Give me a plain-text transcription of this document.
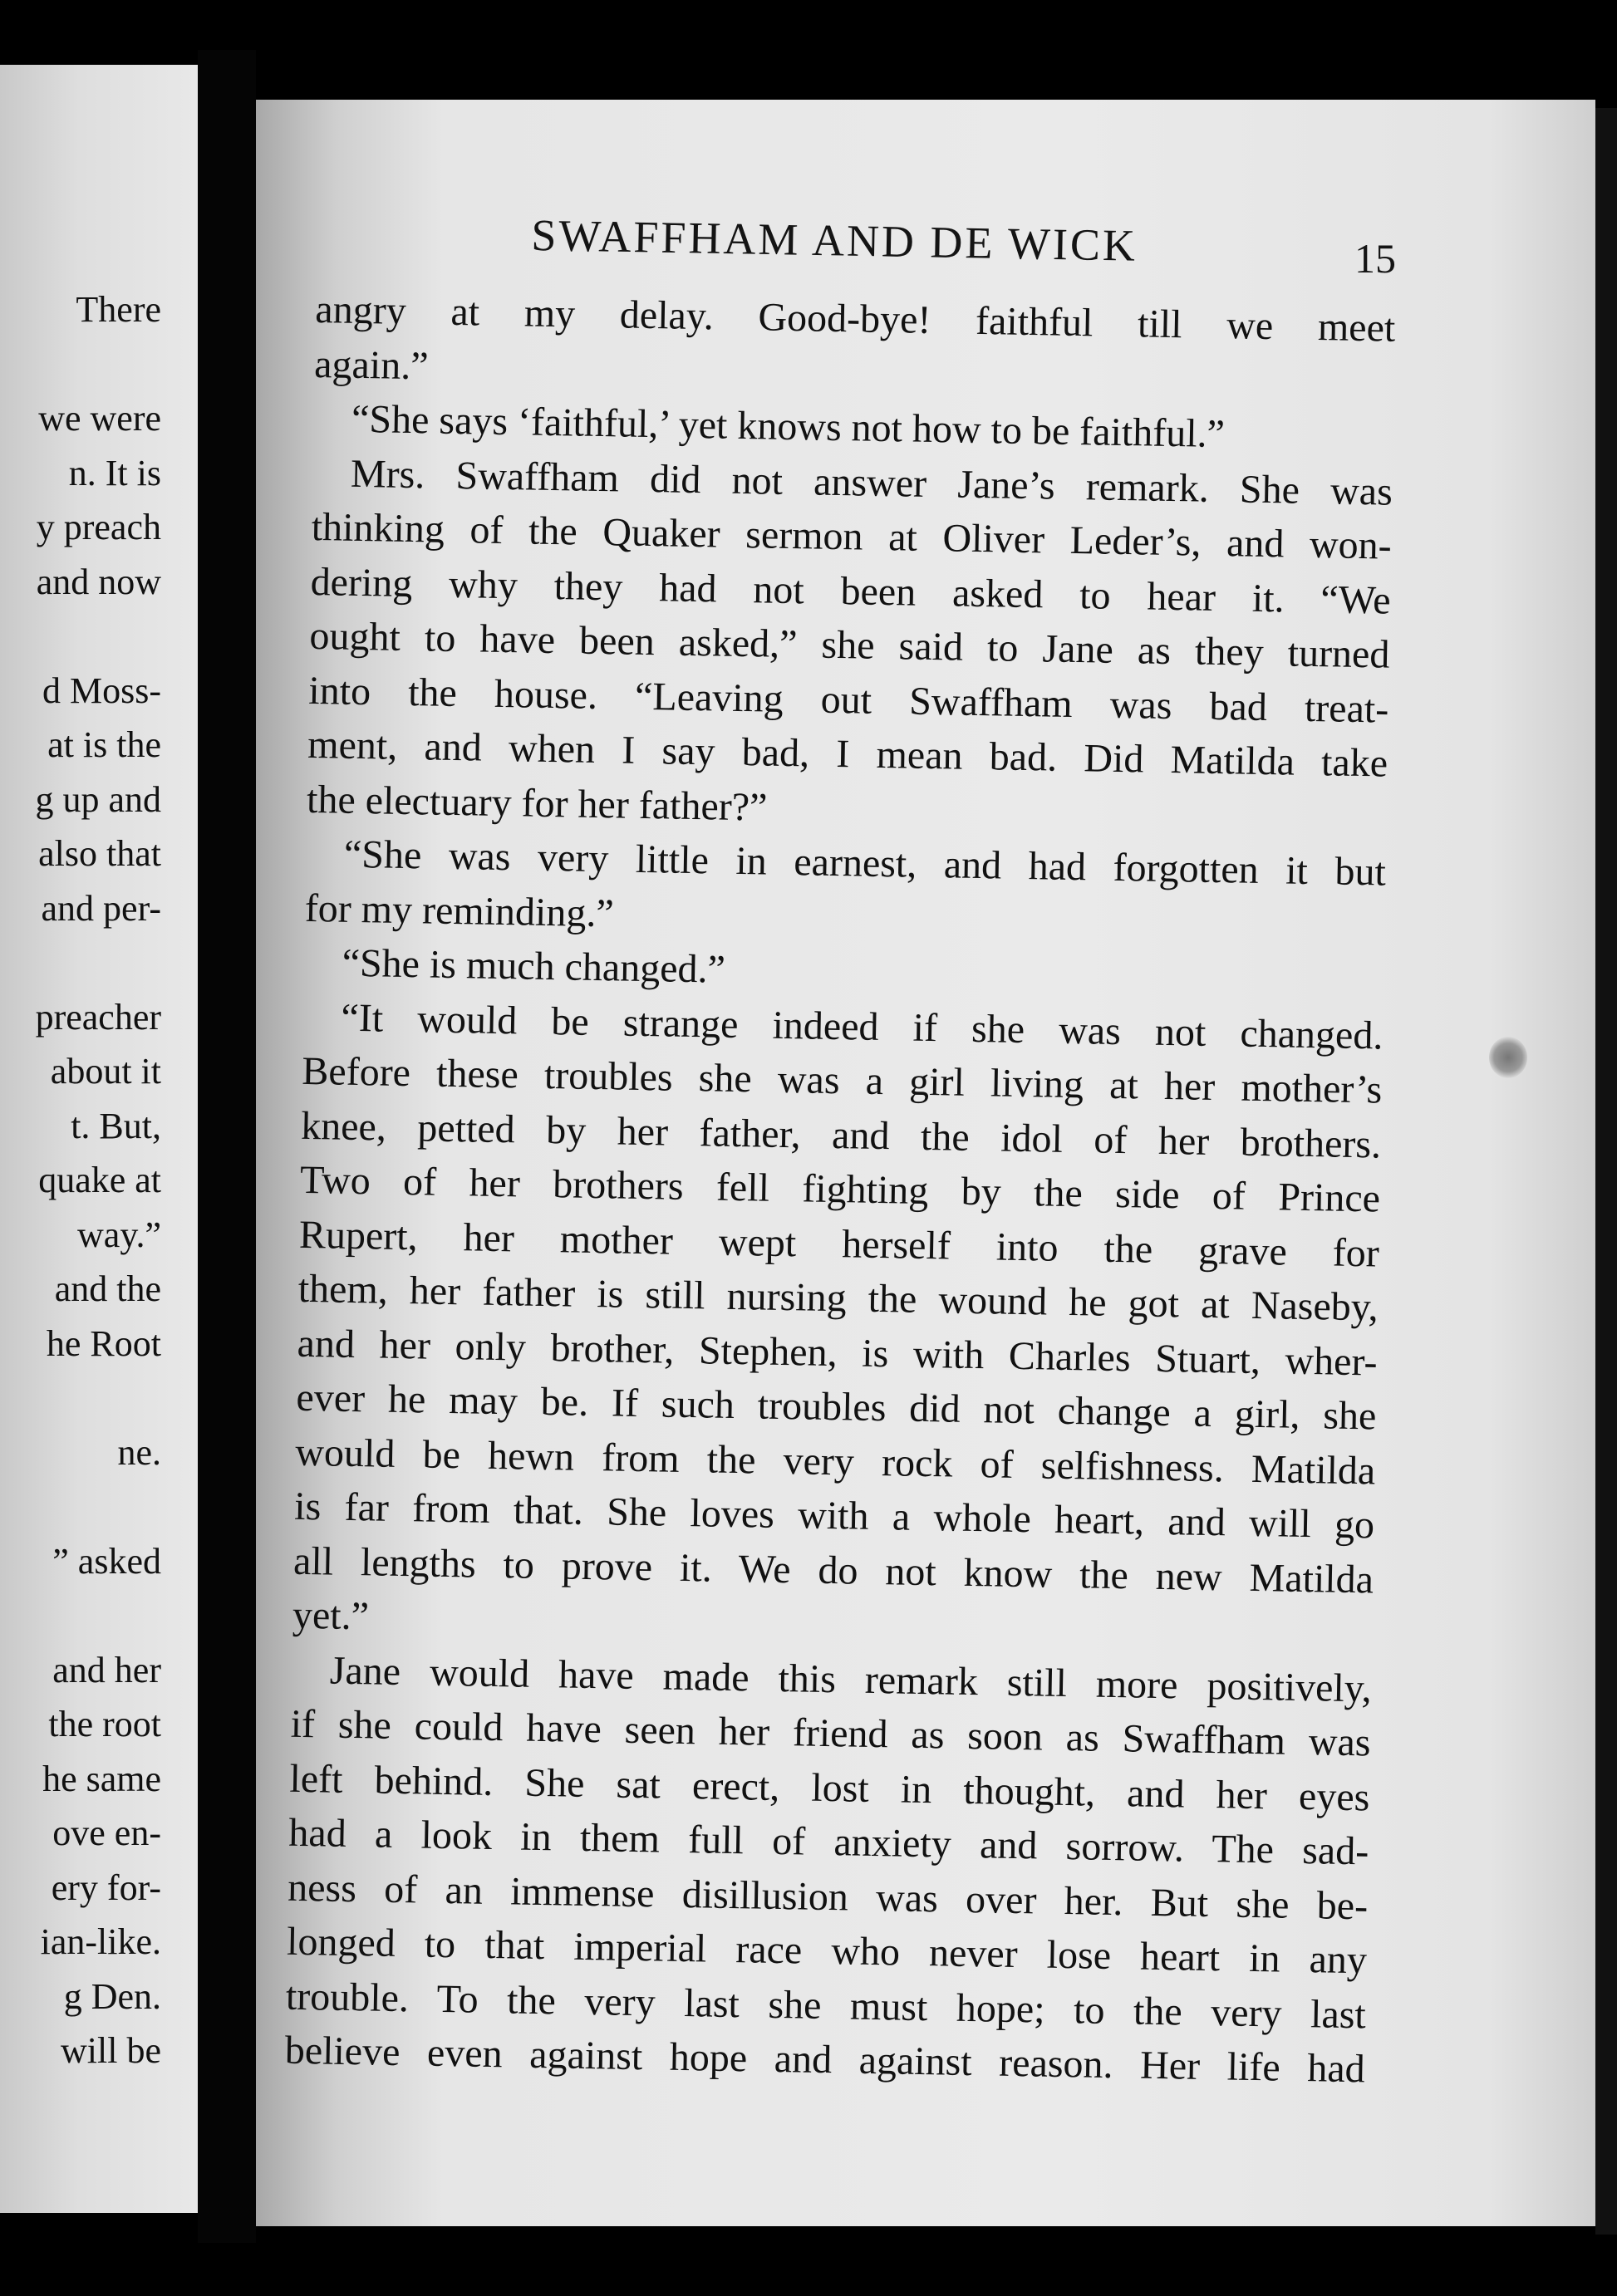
There
we were
n. It is
y preach
and now
d Moss-
at is the
g up and
also that
and per-
preacher
about it
t. But,
quake at
way.”
and the
he Root
ne.
” asked
and her
the root
he same
ove en-
ery for-
ian-like.
g Den.
will be
SWAFFHAM AND DE WICK	15
angry at my delay. Good-bye! faithful till we meet
again.”
“She says ‘faithful,’ yet knows not how to be faithful.”
Mrs. Swaffham did not answer Jane’s remark. She was
thinking of the Quaker sermon at Oliver Leder’s, and won-
dering why they had not been asked to hear it. “We
ought to have been asked,” she said to Jane as they turned
into the house. “Leaving out Swaffham was bad treat-
ment, and when I say bad, I mean bad. Did Matilda take
the electuary for her father?”
“She was very little in earnest, and had forgotten it but
for my reminding.”
“She is much changed.”
“It would be strange indeed if she was not changed.
Before these troubles she was a girl living at her mother’s
knee, petted by her father, and the idol of her brothers.
Two of her brothers fell fighting by the side of Prince
Rupert, her mother wept herself into the grave for
them, her father is still nursing the wound he got at Naseby,
and her only brother, Stephen, is with Charles Stuart, wher-
ever he may be. If such troubles did not change a girl, she
would be hewn from the very rock of selfishness. Matilda
is far from that. She loves with a whole heart, and will go
all lengths to prove it. We do not know the new Matilda
yet.”
Jane would have made this remark still more positively,
if she could have seen her friend as soon as Swaffham was
left behind. She sat erect, lost in thought, and her eyes
had a look in them full of anxiety and sorrow. The sad-
ness of an immense disillusion was over her. But she be-
longed to that imperial race who never lose heart in any
trouble. To the very last she must hope; to the very last
believe even against hope and against reason. Her life had
